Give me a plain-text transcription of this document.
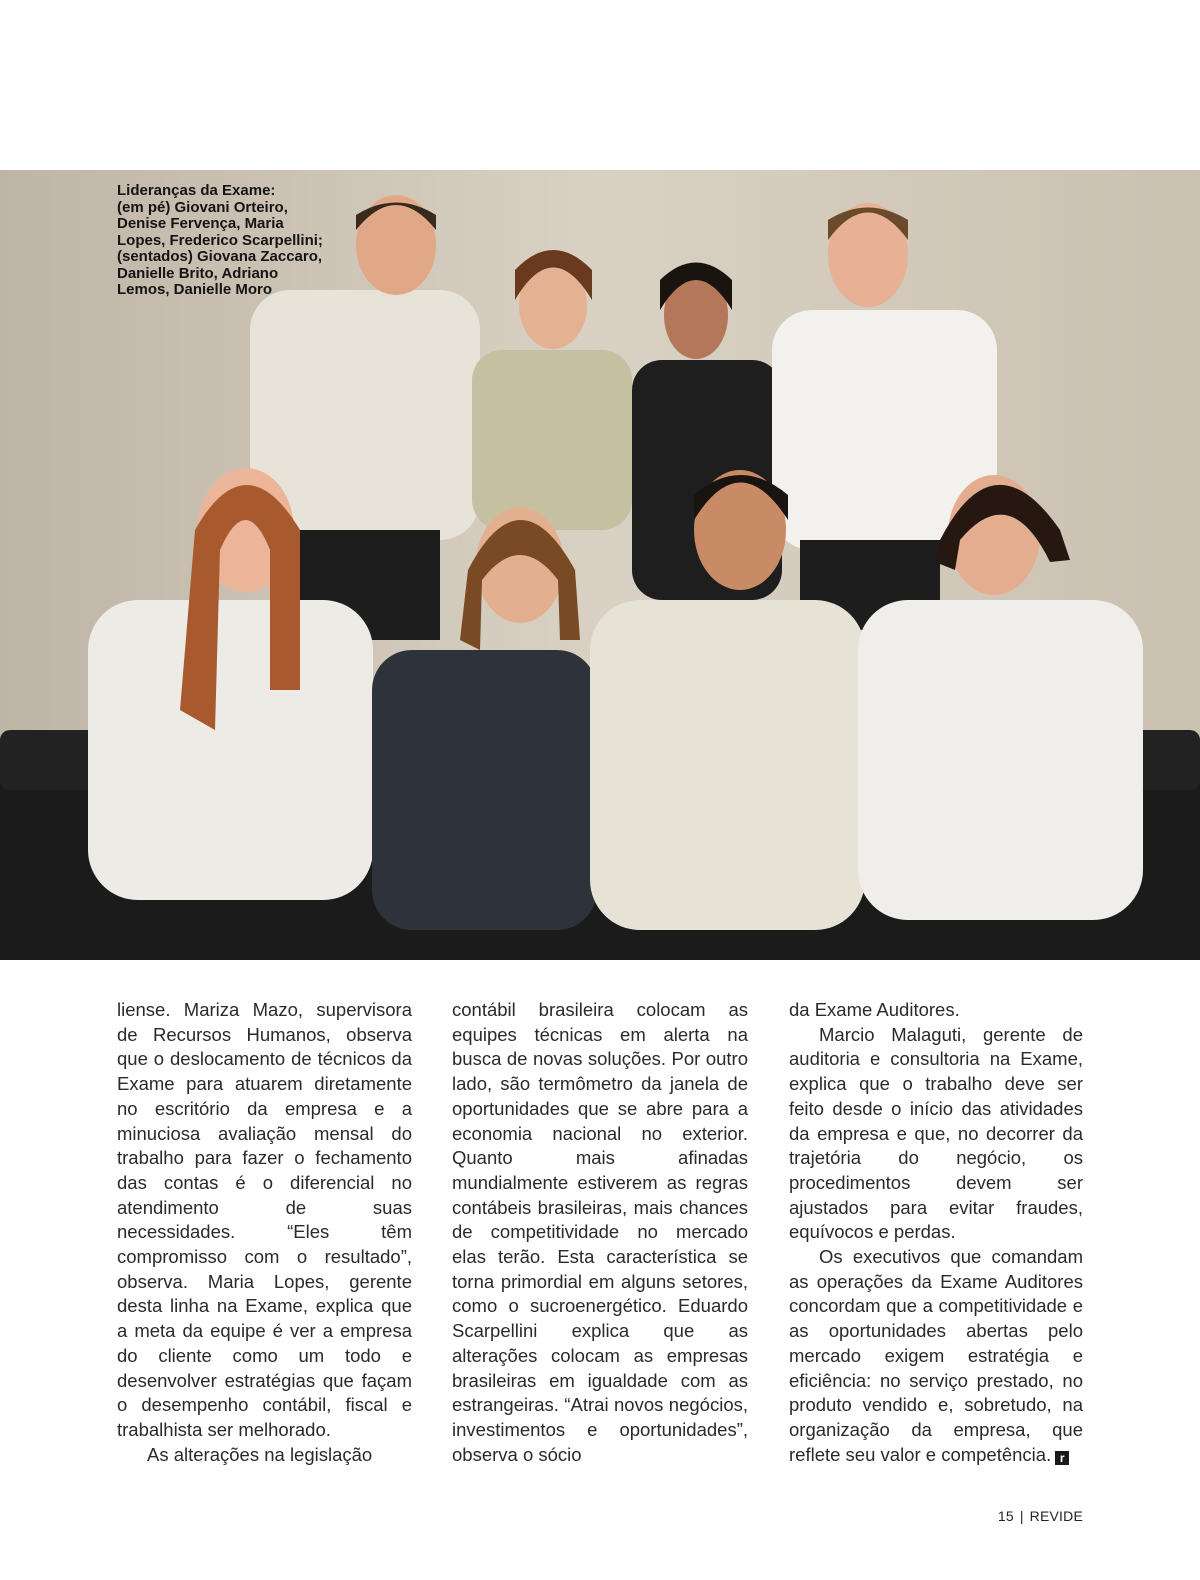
Lideranças da Exame:
(em pé) Giovani Orteiro,
Denise Fervença, Maria
Lopes, Frederico Scarpellini;
(sentados) Giovana Zaccaro,
Danielle Brito, Adriano
Lemos, Danielle Moro

liense. Mariza Mazo, supervisora de Recursos Humanos, observa que o deslocamento de técnicos da Exame para atuarem diretamente no escritório da empresa e a minuciosa avaliação mensal do trabalho para fazer o fechamento das contas é o diferencial no atendimento de suas necessidades. “Eles têm compromisso com o resultado”, observa. Maria Lopes, gerente desta linha na Exame, explica que a meta da equipe é ver a empresa do cliente como um todo e desenvolver estratégias que façam o desempenho contábil, fiscal e trabalhista ser melhorado.

As alterações na legislação

contábil brasileira colocam as equipes técnicas em alerta na busca de novas soluções. Por outro lado, são termômetro da janela de oportunidades que se abre para a economia nacional no exterior. Quanto mais afinadas mundialmente estiverem as regras contábeis brasileiras, mais chances de competitividade no mercado elas terão. Esta característica se torna primordial em alguns setores, como o sucroenergético. Eduardo Scarpellini explica que as alterações colocam as empresas brasileiras em igualdade com as estrangeiras. “Atrai novos negócios, investimentos e oportunidades”, observa o sócio

da Exame Auditores.

Marcio Malaguti, gerente de auditoria e consultoria na Exame, explica que o trabalho deve ser feito desde o início das atividades da empresa e que, no decorrer da trajetória do negócio, os procedimentos devem ser ajustados para evitar fraudes, equívocos e perdas.

Os executivos que comandam as operações da Exame Auditores concordam que a competitividade e as oportunidades abertas pelo mercado exigem estratégia e eficiência: no serviço prestado, no produto vendido e, sobretudo, na organização da empresa, que reflete seu valor e competência. r

15 | REVIDE
